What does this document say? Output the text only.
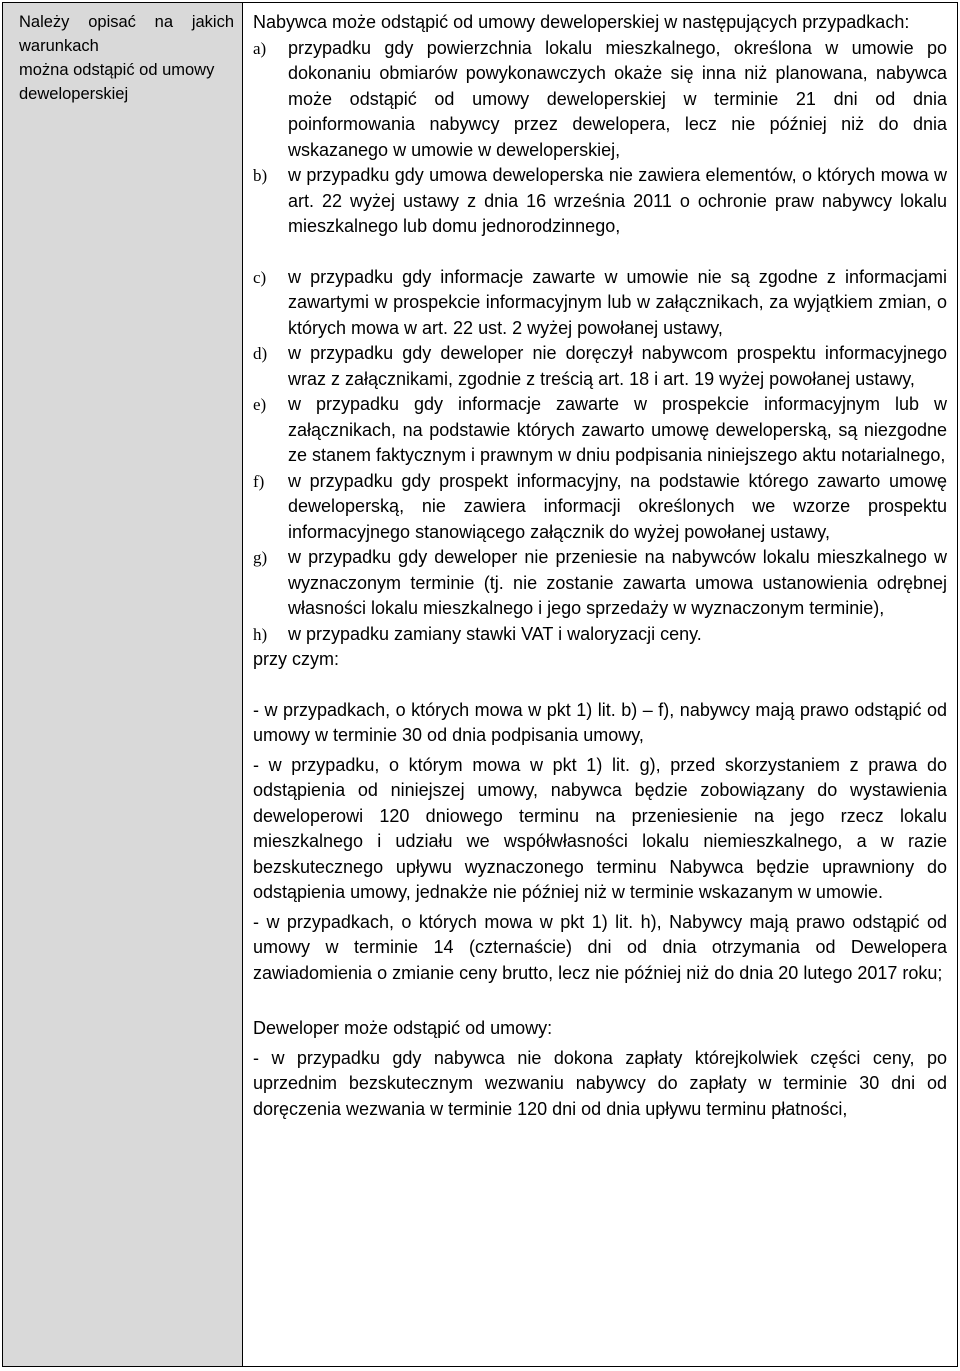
Należy opisać na jakich
warunkach
można odstąpić od umowy
deweloperskiej
Nabywca może odstąpić od umowy deweloperskiej w następujących przypadkach:
a)	przypadku gdy powierzchnia lokalu mieszkalnego, określona w umowie po dokonaniu obmiarów powykonawczych okaże się inna niż planowana, nabywca może odstąpić od umowy deweloperskiej w terminie 21 dni od dnia poinformowania nabywcy przez dewelopera, lecz nie później niż do dnia wskazanego w umowie w deweloperskiej,
b)	w przypadku gdy umowa deweloperska nie zawiera elementów, o których mowa w art. 22 wyżej ustawy z dnia 16 września 2011 o ochronie praw nabywcy lokalu mieszkalnego lub domu jednorodzinnego,
c)	w przypadku gdy informacje zawarte w umowie nie są zgodne z informacjami zawartymi w prospekcie informacyjnym lub w załącznikach, za wyjątkiem zmian, o których mowa w art. 22 ust. 2 wyżej powołanej ustawy,
d)	w przypadku gdy deweloper nie doręczył nabywcom prospektu informacyjnego wraz z załącznikami, zgodnie z treścią art. 18 i art. 19 wyżej powołanej ustawy,
e)	w przypadku gdy informacje zawarte w prospekcie informacyjnym lub w załącznikach, na podstawie których zawarto umowę deweloperską, są niezgodne ze stanem faktycznym i prawnym w dniu podpisania niniejszego aktu notarialnego,
f)	w przypadku gdy prospekt informacyjny, na podstawie którego zawarto umowę deweloperską, nie zawiera informacji określonych we wzorze prospektu informacyjnego stanowiącego załącznik do wyżej powołanej ustawy,
g)	w przypadku gdy deweloper nie przeniesie na nabywców lokalu mieszkalnego w wyznaczonym terminie (tj. nie zostanie zawarta umowa ustanowienia odrębnej własności lokalu mieszkalnego i jego sprzedaży w wyznaczonym terminie),
h)	w przypadku zamiany stawki VAT i waloryzacji ceny.
przy czym:
- w przypadkach, o których mowa w pkt 1) lit. b) – f), nabywcy mają prawo odstąpić od umowy w terminie 30 od dnia podpisania umowy,
- w przypadku, o którym mowa w pkt 1) lit. g), przed skorzystaniem z prawa do odstąpienia od niniejszej umowy, nabywca będzie zobowiązany do wystawienia deweloperowi 120 dniowego terminu na przeniesienie na jego rzecz lokalu mieszkalnego i udziału we współwłasności lokalu niemieszkalnego, a w razie bezskutecznego upływu wyznaczonego terminu Nabywca będzie uprawniony do odstąpienia umowy, jednakże nie później niż w terminie wskazanym w umowie.
- w przypadkach, o których mowa w pkt 1) lit. h), Nabywcy mają prawo odstąpić od umowy w terminie 14 (czternaście) dni od dnia otrzymania od Dewelopera zawiadomienia o zmianie ceny brutto, lecz nie później niż do dnia 20 lutego 2017 roku;
Deweloper może odstąpić od umowy:
- w przypadku gdy nabywca nie dokona zapłaty którejkolwiek części ceny, po uprzednim bezskutecznym wezwaniu nabywcy do zapłaty w terminie 30 dni od doręczenia wezwania w terminie 120 dni od dnia upływu terminu płatności,
